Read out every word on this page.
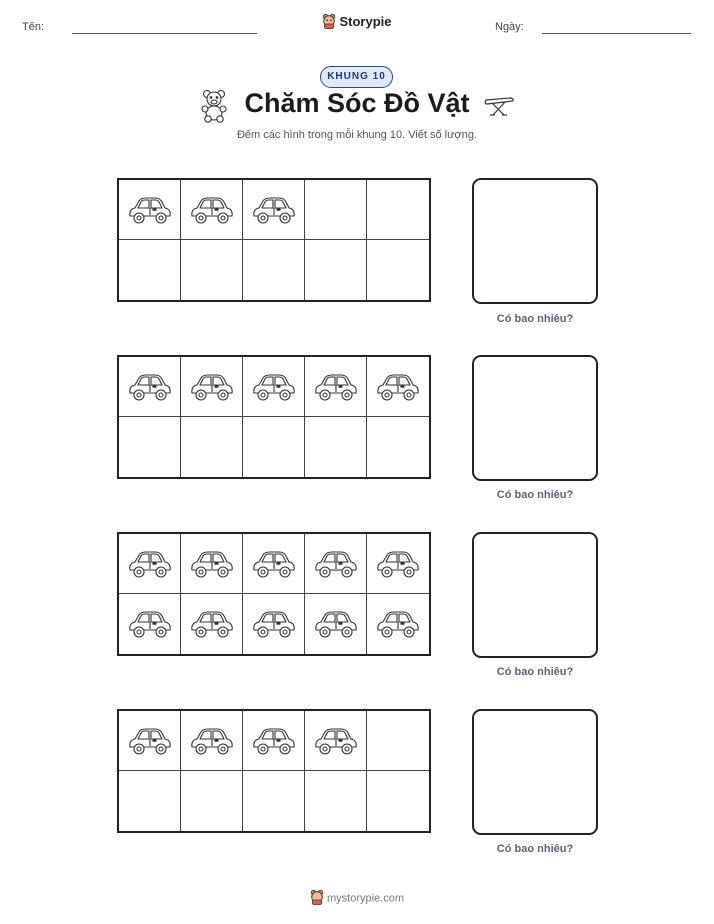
Tên:	Storypie	Ngày:
KHUNG 10
Chăm Sóc Đồ Vật
Đếm các hình trong mỗi khung 10. Viết số lượng.
Có bao nhiêu?
Có bao nhiêu?
Có bao nhiêu?
Có bao nhiêu?
mystorypie.com
